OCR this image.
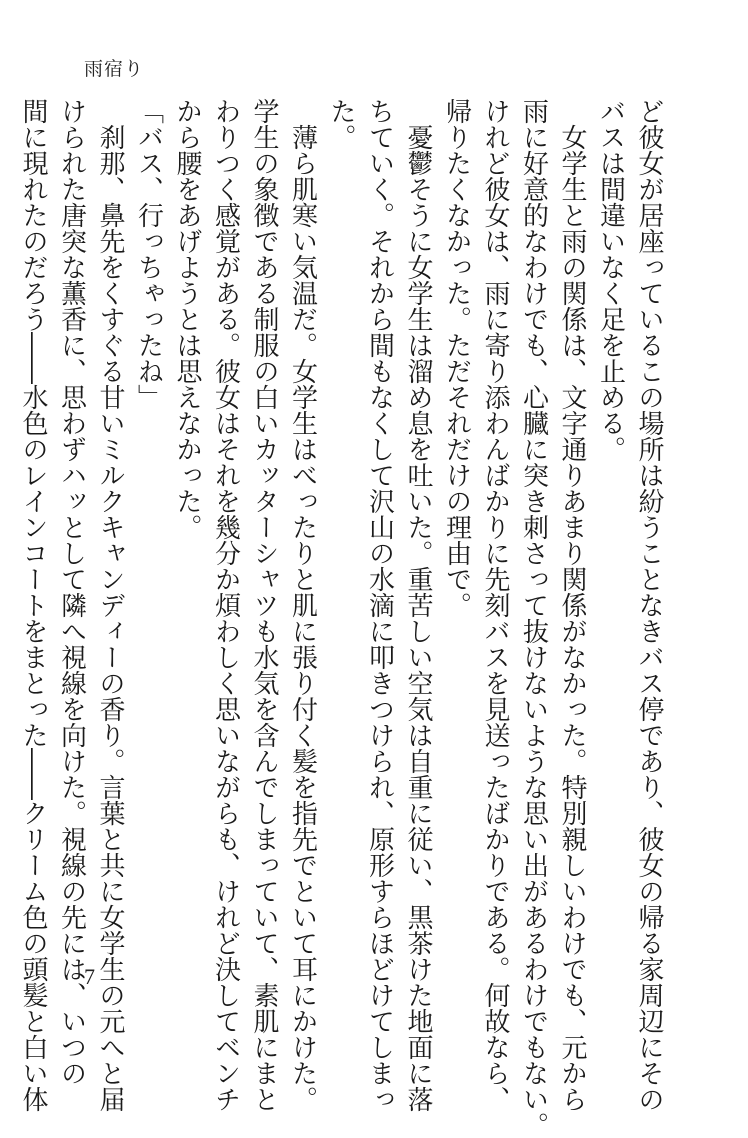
雨宿り

ど彼女が居座っているこの場所は紛うことなきバス停であり、彼女の帰る家周辺にその

バスは間違いなく足を止める。

　女学生と雨の関係は、文字通りあまり関係がなかった。特別親しいわけでも、元から

雨に好意的なわけでも、心臓に突き刺さって抜けないような思い出があるわけでもない。

けれど彼女は、雨に寄り添わんばかりに先刻バスを見送ったばかりである。何故なら、

帰りたくなかった。ただそれだけの理由で。

　憂鬱そうに女学生は溜め息を吐いた。重苦しい空気は自重に従い、黒茶けた地面に落

ちていく。それから間もなくして沢山の水滴に叩きつけられ、原形すらほどけてしまっ

た。

　薄ら肌寒い気温だ。女学生はべったりと肌に張り付く髪を指先でといて耳にかけた。

学生の象徴である制服の白いカッターシャツも水気を含んでしまっていて、素肌にまと

わりつく感覚がある。彼女はそれを幾分か煩わしく思いながらも、けれど決してベンチ

から腰をあげようとは思えなかった。

「バス、行っちゃったね」

　刹那、鼻先をくすぐる甘いミルクキャンディーの香り。言葉と共に女学生の元へと届

けられた唐突な薫香に、思わずハッとして隣へ視線を向けた。視線の先には、いつの

間に現れたのだろう――水色のレインコートをまとった――クリーム色の頭髪と白い体 7
